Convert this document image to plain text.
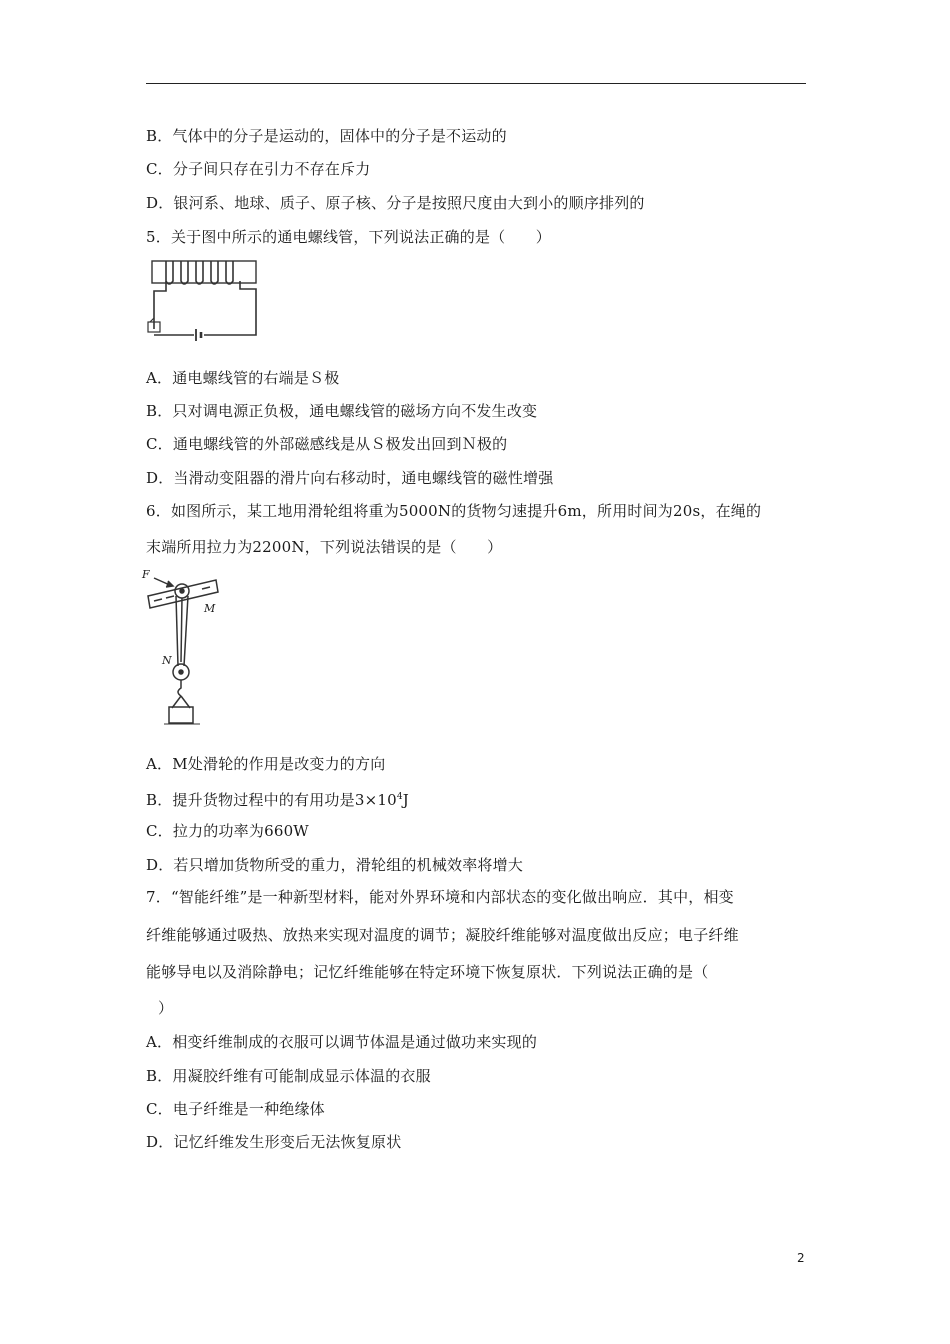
B．气体中的分子是运动的，固体中的分子是不运动的
C．分子间只存在引力不存在斥力
D．银河系、地球、质子、原子核、分子是按照尺度由大到小的顺序排列的
5．关于图中所示的通电螺线管，下列说法正确的是（　　）
A．通电螺线管的右端是Ｓ极
B．只对调电源正负极，通电螺线管的磁场方向不发生改变
C．通电螺线管的外部磁感线是从Ｓ极发出回到Ｎ极的
D．当滑动变阻器的滑片向右移动时，通电螺线管的磁性增强
6．如图所示，某工地用滑轮组将重为5000N的货物匀速提升6m，所用时间为20s，在绳的
末端所用拉力为2200N，下列说法错误的是（　　）
F
M
N
A．M处滑轮的作用是改变力的方向
B．提升货物过程中的有用功是$3\times 10^4J$
C．拉力的功率为660W
D．若只增加货物所受的重力，滑轮组的机械效率将增大
7．“智能纤维”是一种新型材料，能对外界环境和内部状态的变化做出响应．其中，相变
纤维能够通过吸热、放热来实现对温度的调节；凝胶纤维能够对温度做出反应；电子纤维
能够导电以及消除静电；记忆纤维能够在特定环境下恢复原状．下列说法正确的是（
）
A．相变纤维制成的衣服可以调节体温是通过做功来实现的
B．用凝胶纤维有可能制成显示体温的衣服
C．电子纤维是一种绝缘体
D．记忆纤维发生形变后无法恢复原状
2
